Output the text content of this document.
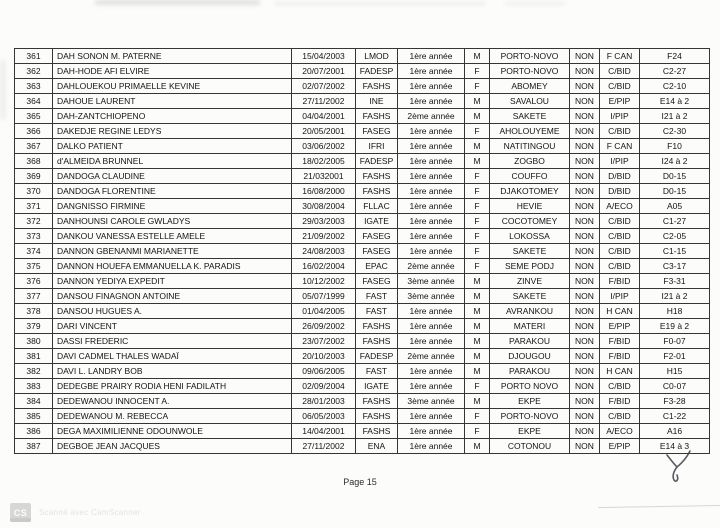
361	DAH SONON M. PATERNE	15/04/2003	LMOD	1ère année	M	PORTO-NOVO	NON	F CAN	F24
362	DAH-HODE AFI ELVIRE	20/07/2001	FADESP	1ère année	F	PORTO-NOVO	NON	C/BID	C2-27
363	DAHLOUEKOU PRIMAELLE KEVINE	02/07/2002	FASHS	1ère année	F	ABOMEY	NON	C/BID	C2-10
364	DAHOUE LAURENT	27/11/2002	INE	1ère année	M	SAVALOU	NON	E/PIP	E14 à 2
365	DAH-ZANTCHIOPENO	04/04/2001	FASHS	2ème année	M	SAKETE	NON	I/PIP	I21 à 2
366	DAKEDJE REGINE LEDYS	20/05/2001	FASEG	1ère année	F	AHOLOUYEME	NON	C/BID	C2-30
367	DALKO PATIENT	03/06/2002	IFRI	1ère année	M	NATITINGOU	NON	F CAN	F10
368	d'ALMEIDA BRUNNEL	18/02/2005	FADESP	1ère année	M	ZOGBO	NON	I/PIP	I24 à 2
369	DANDOGA CLAUDINE	21/032001	FASHS	1ère année	F	COUFFO	NON	D/BID	D0-15
370	DANDOGA FLORENTINE	16/08/2000	FASHS	1ère année	F	DJAKOTOMEY	NON	D/BID	D0-15
371	DANGNISSO FIRMINE	30/08/2004	FLLAC	1ère année	F	HEVIE	NON	A/ECO	A05
372	DANHOUNSI CAROLE GWLADYS	29/03/2003	IGATE	1ère année	F	COCOTOMEY	NON	C/BID	C1-27
373	DANKOU VANESSA ESTELLE AMELE	21/09/2002	FASEG	1ère année	F	LOKOSSA	NON	C/BID	C2-05
374	DANNON GBENANMI MARIANETTE	24/08/2003	FASEG	1ère année	F	SAKETE	NON	C/BID	C1-15
375	DANNON HOUEFA EMMANUELLA K. PARADIS	16/02/2004	EPAC	2ème année	F	SEME PODJ	NON	C/BID	C3-17
376	DANNON YEDIYA EXPEDIT	10/12/2002	FASEG	3ème année	M	ZINVE	NON	F/BID	F3-31
377	DANSOU FINAGNON ANTOINE	05/07/1999	FAST	3ème année	M	SAKETE	NON	I/PIP	I21 à 2
378	DANSOU HUGUES A.	01/04/2005	FAST	1ère année	M	AVRANKOU	NON	H CAN	H18
379	DARI VINCENT	26/09/2002	FASHS	1ère année	M	MATERI	NON	E/PIP	E19 à 2
380	DASSI FREDERIC	23/07/2002	FASHS	1ère année	M	PARAKOU	NON	F/BID	F0-07
381	DAVI CADMEL THALES WADAÏ	20/10/2003	FADESP	2ème année	M	DJOUGOU	NON	F/BID	F2-01
382	DAVI L. LANDRY BOB	09/06/2005	FAST	1ère année	M	PARAKOU	NON	H CAN	H15
383	DEDEGBE PRAIRY RODIA HENI FADILATH	02/09/2004	IGATE	1ère année	F	PORTO NOVO	NON	C/BID	C0-07
384	DEDEWANOU INNOCENT A.	28/01/2003	FASHS	3ème année	M	EKPE	NON	F/BID	F3-28
385	DEDEWANOU M. REBECCA	06/05/2003	FASHS	1ère année	F	PORTO-NOVO	NON	C/BID	C1-22
386	DEGA MAXIMILIENNE ODOUNWOLE	14/04/2001	FASHS	1ère année	F	EKPE	NON	A/ECO	A16
387	DEGBOE JEAN JACQUES	27/11/2002	ENA	1ère année	M	COTONOU	NON	E/PIP	E14 à 3
Page 15
CS	Scanné avec CamScanner
